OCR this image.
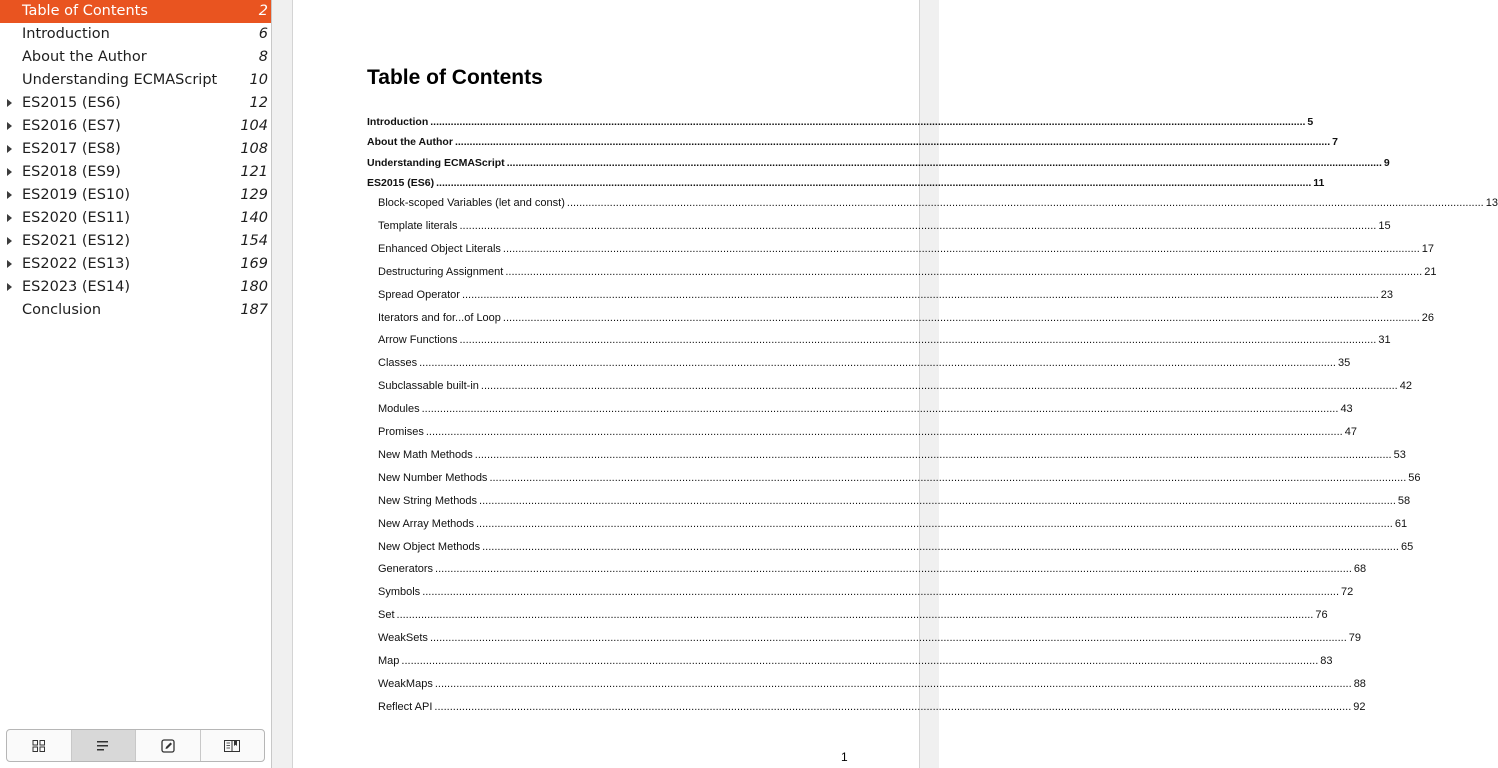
Table of Contents	2
Introduction	6
About the Author	8
Understanding ECMAScript 10
ES2015 (ES6)	12
ES2016 (ES7)	104
ES2017 (ES8)	108
ES2018 (ES9)	121
ES2019 (ES10)	129
ES2020 (ES11)	140
ES2021 (ES12)	154
ES2022 (ES13)	169
ES2023 (ES14)	180
Conclusion	187
Table of Contents
Introduction ............................................................................................................................................................................................................................................................................................................ 5
About the Author ............................................................................................................................................................................................................................................................................................................ 7
Understanding ECMAScript ............................................................................................................................................................................................................................................................................................................ 9
ES2015 (ES6) ............................................................................................................................................................................................................................................................................................................ 11
Block-scoped Variables (let and const) ............................................................................................................................................................................................................................................................................................................ 13
Template literals ............................................................................................................................................................................................................................................................................................................ 15
Enhanced Object Literals ............................................................................................................................................................................................................................................................................................................ 17
Destructuring Assignment ............................................................................................................................................................................................................................................................................................................ 21
Spread Operator ............................................................................................................................................................................................................................................................................................................ 23
Iterators and for...of Loop ............................................................................................................................................................................................................................................................................................................ 26
Arrow Functions ............................................................................................................................................................................................................................................................................................................ 31
Classes ............................................................................................................................................................................................................................................................................................................ 35
Subclassable built-in ............................................................................................................................................................................................................................................................................................................ 42
Modules ............................................................................................................................................................................................................................................................................................................ 43
Promises ............................................................................................................................................................................................................................................................................................................ 47
New Math Methods ............................................................................................................................................................................................................................................................................................................ 53
New Number Methods ............................................................................................................................................................................................................................................................................................................ 56
New String Methods ............................................................................................................................................................................................................................................................................................................ 58
New Array Methods ............................................................................................................................................................................................................................................................................................................ 61
New Object Methods ............................................................................................................................................................................................................................................................................................................ 65
Generators ............................................................................................................................................................................................................................................................................................................ 68
Symbols ............................................................................................................................................................................................................................................................................................................ 72
Set ............................................................................................................................................................................................................................................................................................................ 76
WeakSets ............................................................................................................................................................................................................................................................................................................ 79
Map ............................................................................................................................................................................................................................................................................................................ 83
WeakMaps ............................................................................................................................................................................................................................................................................................................ 88
Reflect API ............................................................................................................................................................................................................................................................................................................ 92
1
